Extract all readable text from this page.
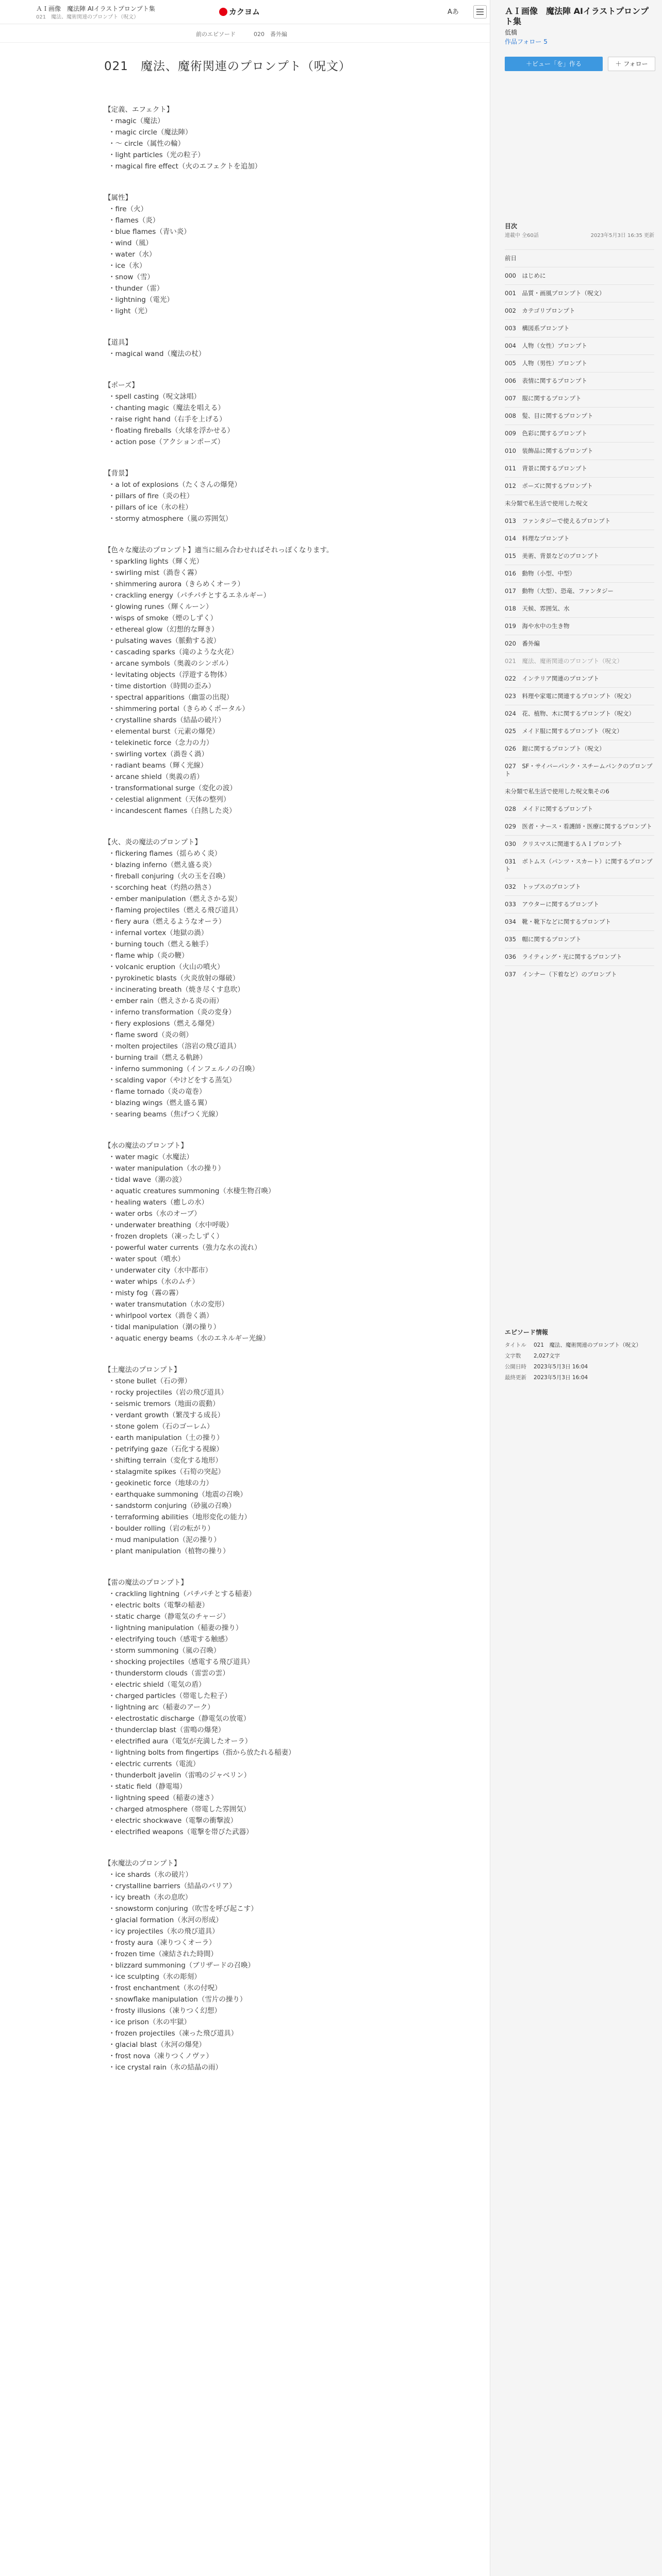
ＡＩ画像　魔法陣 AIイラストプロンプト集
021　魔法、魔術関連のプロンプト（呪文）
カクヨム	Aあ
前のエピソード	020　番外編
021　魔法、魔術関連のプロンプト（呪文）
【定義、エフェクト】
・ magic（魔法）
・ magic circle（魔法陣）
・ ～ circle（属性の輪）
・ light particles（光の粒子）
・ magical fire effect（火のエフェクトを追加）
【属性】
・ fire（火）
・ flames（炎）
・ blue flames（青い炎）
・ wind（風）
・ water（水）
・ ice（氷）
・ snow（雪）
・ thunder（雷）
・ lightning（電光）
・ light（光）
【道具】
・ magical wand（魔法の杖）
【ポーズ】
・ spell casting（呪文詠唱）
・ chanting magic（魔法を唱える）
・ raise right hand（右手を上げる）
・ floating fireballs（火球を浮かせる）
・ action pose（アクションポーズ）
【背景】
・ a lot of explosions（たくさんの爆発）
・ pillars of fire（炎の柱）
・ pillars of ice（氷の柱）
・ stormy atmosphere（嵐の雰囲気）
【色々な魔法のプロンプト】適当に組み合わせればそれっぽくなります。
・ sparkling lights（輝く光）
・ swirling mist（渦巻く霧）
・ shimmering aurora（きらめくオーラ）
・ crackling energy（パチパチとするエネルギー）
・ glowing runes（輝くルーン）
・ wisps of smoke（煙のしずく）
・ ethereal glow（幻想的な輝き）
・ pulsating waves（脈動する波）
・ cascading sparks（滝のような火花）
・ arcane symbols（奥義のシンボル）
・ levitating objects（浮遊する物体）
・ time distortion（時間の歪み）
・ spectral apparitions（幽霊の出現）
・ shimmering portal（きらめくポータル）
・ crystalline shards（結晶の破片）
・ elemental burst（元素の爆発）
・ telekinetic force（念力の力）
・ swirling vortex（渦巻く渦）
・ radiant beams（輝く光線）
・ arcane shield（奥義の盾）
・ transformational surge（変化の波）
・ celestial alignment（天体の整列）
・ incandescent flames（白熱した炎）
【火、炎の魔法のプロンプト】
・ flickering flames（揺らめく炎）
・ blazing inferno（燃え盛る炎）
・ fireball conjuring（火の玉を召喚）
・ scorching heat（灼熱の熱さ）
・ ember manipulation（燃えさかる炭）
・ flaming projectiles（燃える飛び道具）
・ fiery aura（燃えるようなオーラ）
・ infernal vortex（地獄の渦）
・ burning touch（燃える触手）
・ flame whip（炎の鞭）
・ volcanic eruption（火山の噴火）
・ pyrokinetic blasts（火炎放射の爆破）
・ incinerating breath（焼き尽くす息吹）
・ ember rain（燃えさかる炎の雨）
・ inferno transformation（炎の変身）
・ fiery explosions（燃える爆発）
・ flame sword（炎の剣）
・ molten projectiles（溶岩の飛び道具）
・ burning trail（燃える軌跡）
・ inferno summoning（インフェルノの召喚）
・ scalding vapor（やけどをする蒸気）
・ flame tornado（炎の竜巻）
・ blazing wings（燃え盛る翼）
・ searing beams（焦げつく光線）
【水の魔法のプロンプト】
・ water magic（水魔法）
・ water manipulation（水の操り）
・ tidal wave（潮の波）
・ aquatic creatures summoning（水棲生物召喚）
・ healing waters（癒しの水）
・ water orbs（水のオーブ）
・ underwater breathing（水中呼吸）
・ frozen droplets（凍ったしずく）
・ powerful water currents（強力な水の流れ）
・ water spout（噴水）
・ underwater city（水中都市）
・ water whips（水のムチ）
・ misty fog（霧の霧）
・ water transmutation（水の変形）
・ whirlpool vortex（渦巻く渦）
・ tidal manipulation（潮の操り）
・ aquatic energy beams（水のエネルギー光線）
【土魔法のプロンプト】
・ stone bullet（石の弾）
・ rocky projectiles（岩の飛び道具）
・ seismic tremors（地面の震動）
・ verdant growth（繁茂する成長）
・ stone golem（石のゴーレム）
・ earth manipulation（土の操り）
・ petrifying gaze（石化する視線）
・ shifting terrain（変化する地形）
・ stalagmite spikes（石筍の突起）
・ geokinetic force（地球の力）
・ earthquake summoning（地震の召喚）
・ sandstorm conjuring（砂嵐の召喚）
・ terraforming abilities（地形変化の能力）
・ boulder rolling（岩の転がり）
・ mud manipulation（泥の操り）
・ plant manipulation（植物の操り）
【雷の魔法のプロンプト】
・ crackling lightning（パチパチとする稲妻）
・ electric bolts（電撃の稲妻）
・ static charge（静電気のチャージ）
・ lightning manipulation（稲妻の操り）
・ electrifying touch（感電する触感）
・ storm summoning（嵐の召喚）
・ shocking projectiles（感電する飛び道具）
・ thunderstorm clouds（雷雲の雲）
・ electric shield（電気の盾）
・ charged particles（帯電した粒子）
・ lightning arc（稲妻のアーク）
・ electrostatic discharge（静電気の放電）
・ thunderclap blast（雷鳴の爆発）
・ electrified aura（電気が充満したオーラ）
・ lightning bolts from fingertips（指から放たれる稲妻）
・ electric currents（電流）
・ thunderbolt javelin（雷鳴のジャベリン）
・ static field（静電場）
・ lightning speed（稲妻の速さ）
・ charged atmosphere（帯電した雰囲気）
・ electric shockwave（電撃の衝撃波）
・ electrified weapons（電撃を帯びた武器）
【氷魔法のプロンプト】
・ ice shards（氷の破片）
・ crystalline barriers（結晶のバリア）
・ icy breath（氷の息吹）
・ snowstorm conjuring（吹雪を呼び起こす）
・ glacial formation（氷河の形成）
・ icy projectiles（氷の飛び道具）
・ frosty aura（凍りつくオーラ）
・ frozen time（凍結された時間）
・ blizzard summoning（ブリザードの召喚）
・ ice sculpting（氷の彫刻）
・ frost enchantment（氷の付呪）
・ snowflake manipulation（雪片の操り）
・ frosty illusions（凍りつく幻想）
・ ice prison（氷の牢獄）
・ frozen projectiles（凍った飛び道具）
・ glacial blast（氷河の爆発）
・ frost nova（凍りつくノヴァ）
・ ice crystal rain（氷の結晶の雨）
ＡＩ画像　魔法陣 AIイラストプロンプト集
低橋
作品フォロー 5
＋ビュー「を」作る	＋ フォロー
目次
連載中 全60話	2023年5月3日 16:35 更新
前日
000　はじめに
001　品質・画風プロンプト（呪文）
002　カテゴリプロンプト
003　構図系プロンプト
004　人物（女性）プロンプト
005　人物（男性）プロンプト
006　表情に関するプロンプト
007　服に関するプロンプト
008　髪、目に関するプロンプト
009　色彩に関するプロンプト
010　装飾品に関するプロンプト
011　背景に関するプロンプト
012　ポーズに関するプロンプト
未分類で私生活で使用した呪文
013　ファンタジーで使えるプロンプト
014　料理なプロンプト
015　美術、背景などのプロンプト
016　動物（小型、中型）
017　動物（大型）、恐竜、ファンタジー
018　天候、雰囲気、水
019　海や水中の生き物
020　番外編
021　魔法、魔術関連のプロンプト（呪文）
022　インテリア関連のプロンプト
023　料理や家電に関連するプロンプト（呪文）
024　花、植物、木に関するプロンプト（呪文）
025　メイド服に関するプロンプト（呪文）
026　鎧に関するプロンプト（呪文）
027　SF・サイバーパンク・スチームパンクのプロンプト
未分類で私生活で使用した呪文集その6
028　メイドに関するプロンプト
029　医者・ナース・看護師・医療に関するプロンプト
030　クリスマスに関連するＡＩプロンプト
031　ボトムス（パンツ・スカート）に関するプロンプト
032　トップスのプロンプト
033　アウターに関するプロンプト
034　靴・靴下などに関するプロンプト
035　帽に関するプロンプト
036　ライティング・光に関するプロンプト
037　インナー（下着など）のプロンプト
エピソード情報
タイトル	021　魔法、魔術関連のプロンプト（呪文）
文字数	2,027文字
公開日時	2023年5月3日 16:04
最終更新	2023年5月3日 16:04
